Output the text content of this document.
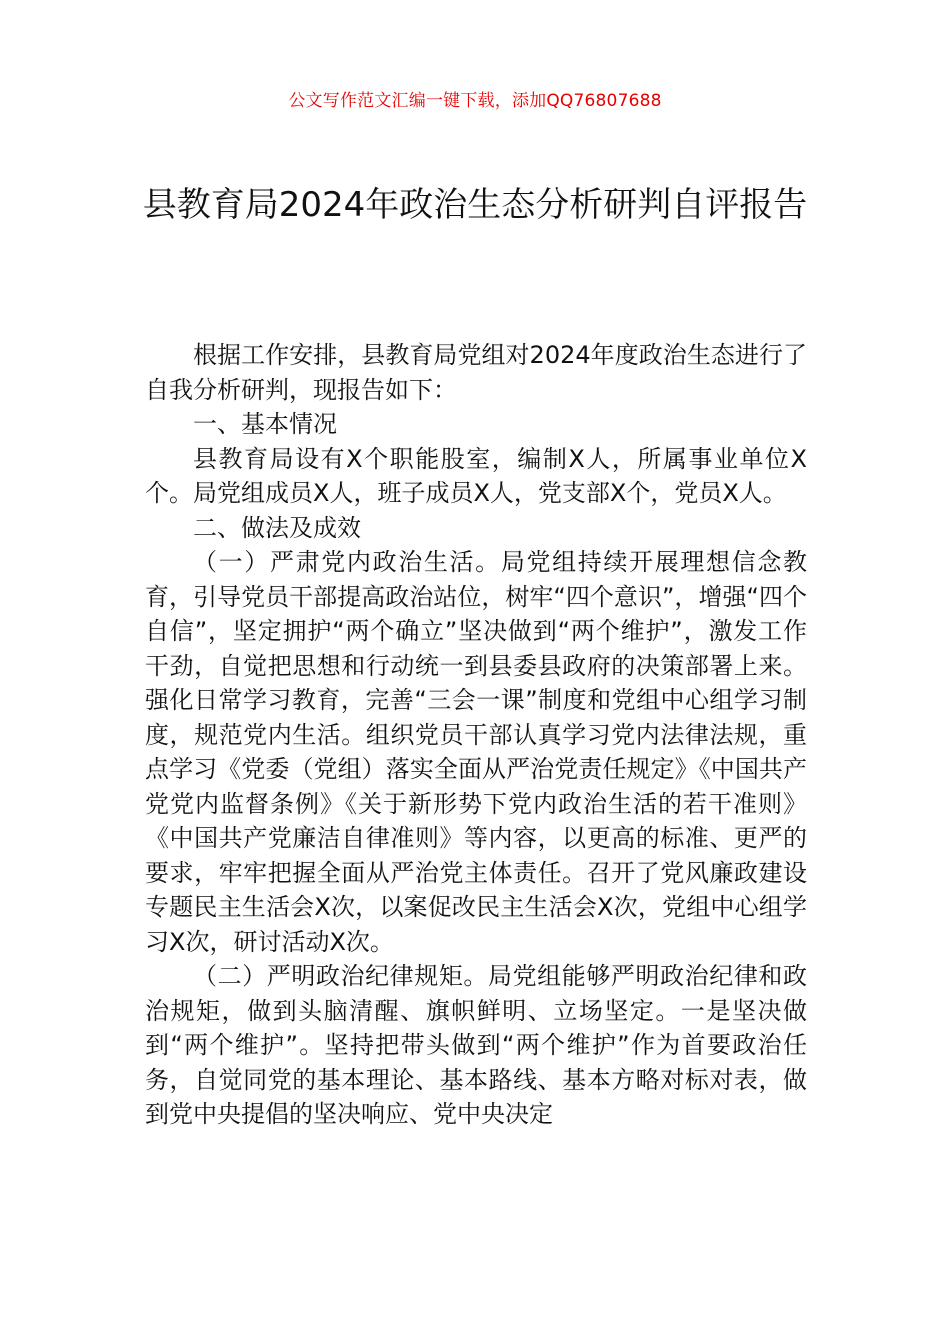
公文写作范文汇编一键下载，添加QQ76807688
县教育局2024年政治生态分析研判自评报告

根据工作安排，县教育局党组对2024年度政治生态进行了自我分析研判，现报告如下：

一、基本情况

县教育局设有X个职能股室，编制X人，所属事业单位X个。局党组成员X人，班子成员X人，党支部X个，党员X人。

二、做法及成效

（一）严肃党内政治生活。局党组持续开展理想信念教育，引导党员干部提高政治站位，树牢“四个意识”，增强“四个自信”，坚定拥护“两个确立”坚决做到“两个维护”，激发工作干劲，自觉把思想和行动统一到县委县政府的决策部署上来。强化日常学习教育，完善“三会一课”制度和党组中心组学习制度，规范党内生活。组织党员干部认真学习党内法律法规，重点学习《党委（党组）落实全面从严治党责任规定》《中国共产党党内监督条例》《关于新形势下党内政治生活的若干准则》《中国共产党廉洁自律准则》等内容，以更高的标准、更严的要求，牢牢把握全面从严治党主体责任。召开了党风廉政建设专题民主生活会X次，以案促改民主生活会X次，党组中心组学习X次，研讨活动X次。

（二）严明政治纪律规矩。局党组能够严明政治纪律和政治规矩，做到头脑清醒、旗帜鲜明、立场坚定。一是坚决做到“两个维护”。坚持把带头做到“两个维护”作为首要政治任务，自觉同党的基本理论、基本路线、基本方略对标对表，做到党中央提倡的坚决响应、党中央决定
